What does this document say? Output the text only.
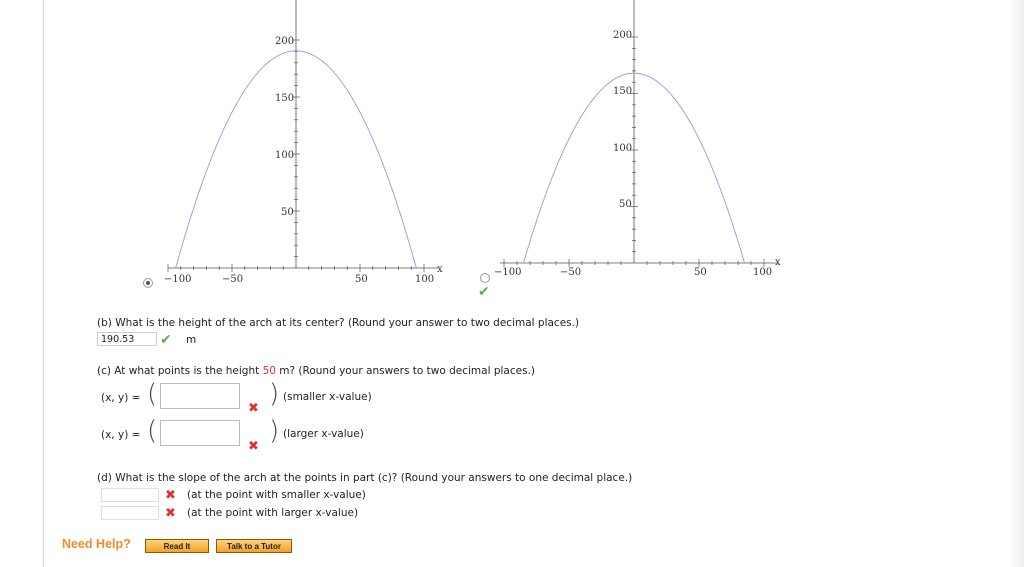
−100	−50	50	100
x
50
100
150
200
✔
−100	−50	50	100
x
50
100
150
200
(b) What is the height of the arch at its center? (Round your answer to two decimal places.)
190.53	✔ m
(c) At what points is the height 50 m? (Round your answers to two decimal places.)
(x, y) = (	✖ ) (smaller x-value)
(x, y) = (
✖
) (larger x-value)
(d) What is the slope of the arch at the points in part (c)? (Round your answers to one decimal place.)
✖ (at the point with smaller x-value)
✖ (at the point with larger x-value)
Need Help?	Read It	Talk to a Tutor
